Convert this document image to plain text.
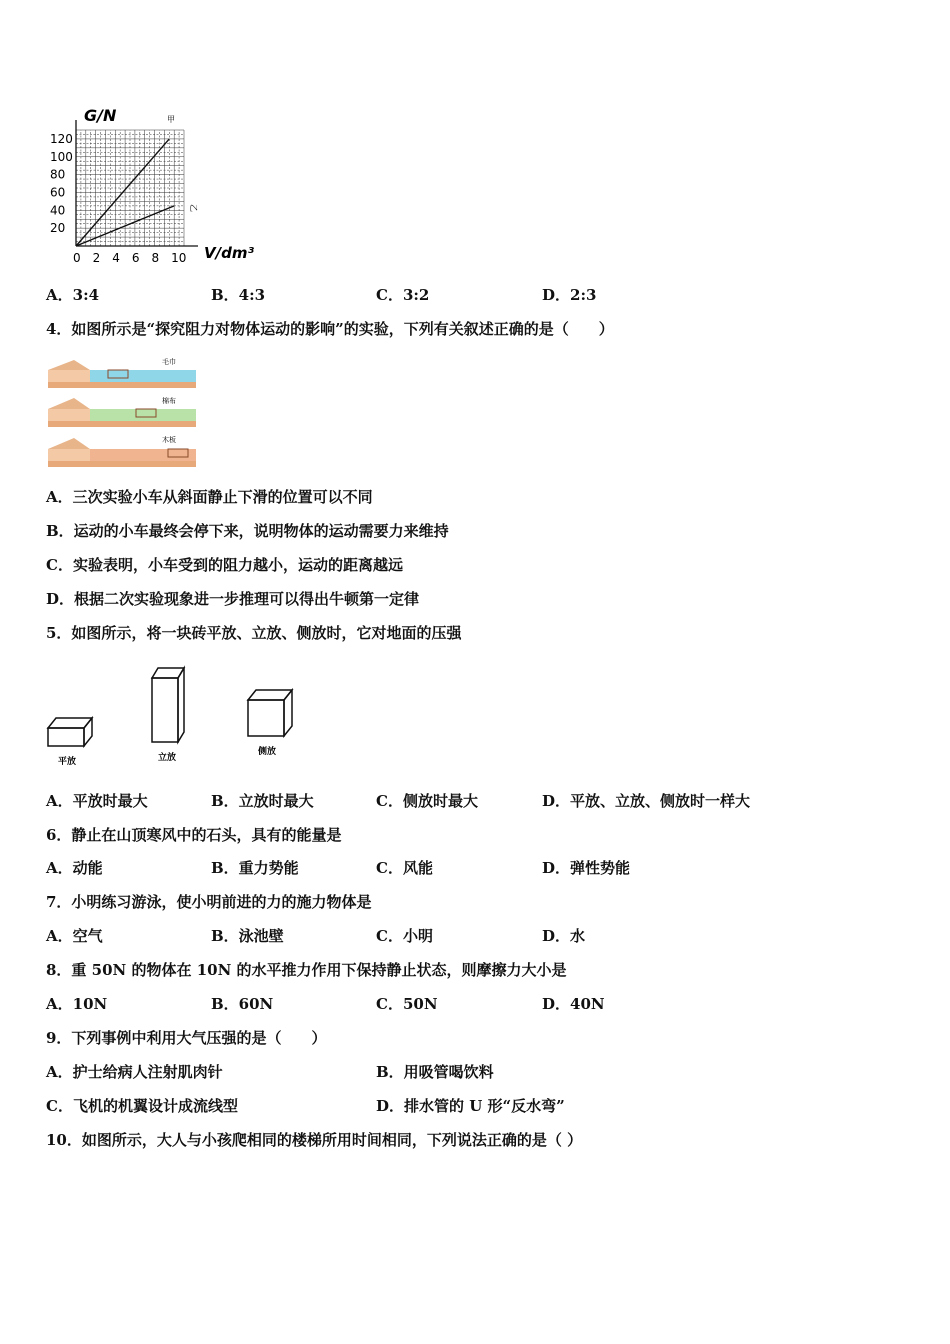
G/N
V/dm³
120
100
80
60
40
20
0 2 4 6 8 10
甲
乙
A．3:4	B．4:3	C．3:2	D．2:3
4．如图所示是“探究阻力对物体运动的影响”的实验，下列有关叙述正确的是（　　）
毛巾
棉布
木板
A．三次实验小车从斜面静止下滑的位置可以不同
B．运动的小车最终会停下来，说明物体的运动需要力来维持
C．实验表明，小车受到的阻力越小，运动的距离越远
D．根据二次实验现象进一步推理可以得出牛顿第一定律
5．如图所示，将一块砖平放、立放、侧放时，它对地面的压强
平放	立放
侧放
A．平放时最大	B．立放时最大	C．侧放时最大	D．平放、立放、侧放时一样大
6．静止在山顶寒风中的石头，具有的能量是
A．动能	B．重力势能	C．风能	D．弹性势能
7．小明练习游泳，使小明前进的力的施力物体是
A．空气	B．泳池壁	C．小明	D．水
8．重 50N 的物体在 10N 的水平推力作用下保持静止状态，则摩擦力大小是
A．10N	B．60N	C．50N	D．40N
9．下列事例中利用大气压强的是（　　）
A．护士给病人注射肌肉针	B．用吸管喝饮料
C．飞机的机翼设计成流线型	D．排水管的 U 形“反水弯”
10．如图所示，大人与小孩爬相同的楼梯所用时间相同，下列说法正确的是（ ）
